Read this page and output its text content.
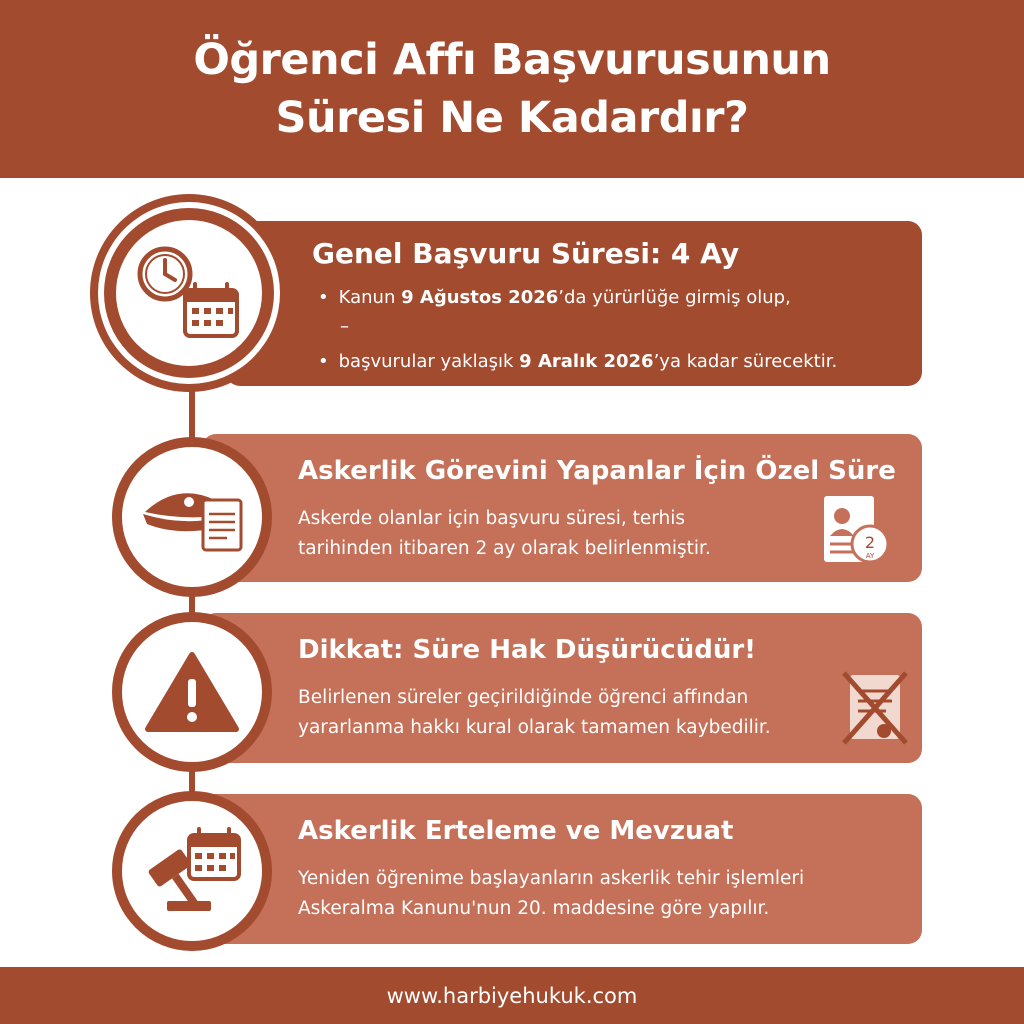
Öğrenci Affı Başvurusunun
Süresi Ne Kadardır?
Genel Başvuru Süresi: 4 Ay
• Kanun 9 Ağustos 2026’da yürürlüğe girmiş olup,
–
• başvurular yaklaşık 9 Aralık 2026’ya kadar sürecektir.
Askerlik Görevini Yapanlar İçin Özel Süre
Askerde olanlar için başvuru süresi, terhis
tarihinden itibaren 2 ay olarak belirlenmiştir.	2
AY
Dikkat: Süre Hak Düşürücüdür!
Belirlenen süreler geçirildiğinde öğrenci affından
yararlanma hakkı kural olarak tamamen kaybedilir.
Askerlik Erteleme ve Mevzuat
Yeniden öğrenime başlayanların askerlik tehir işlemleri
Askeralma Kanunu'nun 20. maddesine göre yapılır.
www.harbiyehukuk.com
